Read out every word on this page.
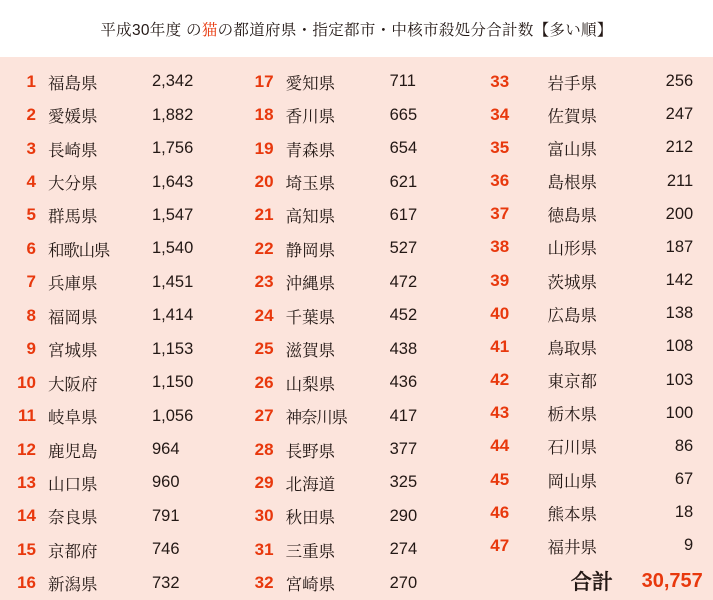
平成30年度 の猫の都道府県・指定都市・中核市殺処分合計数【多い順】
1 福島県	2,342
2 愛媛県	1,882
3 長崎県	1,756
4 大分県	1,643
5 群馬県	1,547
6 和歌山県	1,540
7 兵庫県	1,451
8 福岡県	1,414
9 宮城県	1,153
10 大阪府	1,150
11 岐阜県	1,056
12 鹿児島	964
13 山口県	960
14 奈良県	791
15 京都府	746
16 新潟県	732
17 愛知県	711
18 香川県	665
19 青森県	654
20 埼玉県	621
21 高知県	617
22 静岡県	527
23 沖縄県	472
24 千葉県	452
25 滋賀県	438
26 山梨県	436
27 神奈川県	417
28 長野県	377
29 北海道	325
30 秋田県	290
31 三重県	274
32 宮崎県	270
33	岩手県	256
34	佐賀県	247
35	富山県	212
36	島根県	211
37	徳島県	200
38	山形県	187
39	茨城県	142
40	広島県	138
41	鳥取県	108
42	東京都	103
43	栃木県	100
44	石川県	86
45	岡山県	67
46	熊本県	18
47	福井県	9
合計	30,757
